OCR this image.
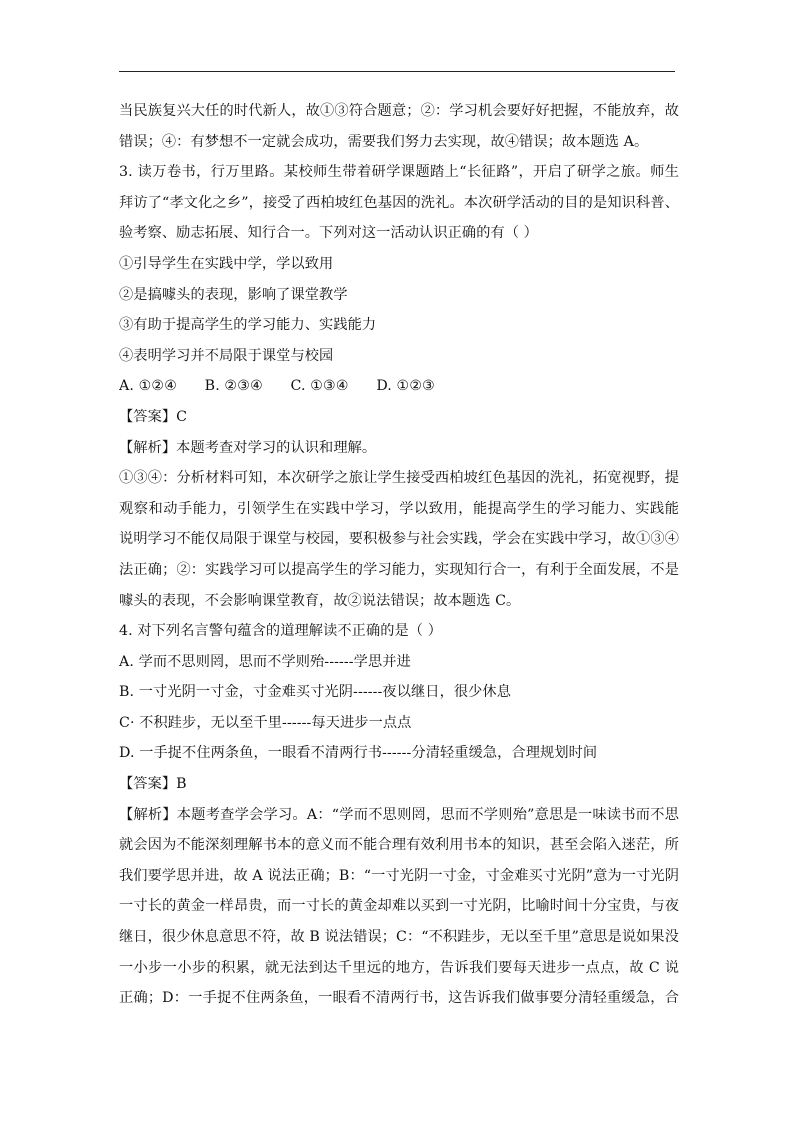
当民族复兴大任的时代新人，故①③符合题意；②：学习机会要好好把握，不能放弃，故
错误；④：有梦想不一定就会成功，需要我们努力去实现，故④错误；故本题选 A。
3. 读万卷书，行万里路。某校师生带着研学课题踏上“长征路”，开启了研学之旅。师生
拜访了“孝文化之乡”，接受了西柏坡红色基因的洗礼。本次研学活动的目的是知识科普、
验考察、励志拓展、知行合一。下列对这一活动认识正确的有（ ）
①引导学生在实践中学，学以致用
②是搞噱头的表现，影响了课堂教学
③有助于提高学生的学习能力、实践能力
④表明学习并不局限于课堂与校园
A. ①②④      B. ②③④      C. ①③④      D. ①②③
【答案】C
【解析】本题考查对学习的认识和理解。
①③④：分析材料可知，本次研学之旅让学生接受西柏坡红色基因的洗礼，拓宽视野，提
观察和动手能力，引领学生在实践中学习，学以致用，能提高学生的学习能力、实践能
说明学习不能仅局限于课堂与校园，要积极参与社会实践，学会在实践中学习，故①③④
法正确；②：实践学习可以提高学生的学习能力，实现知行合一，有利于全面发展，不是
噱头的表现，不会影响课堂教育，故②说法错误；故本题选 C。
4. 对下列名言警句蕴含的道理解读不正确的是（ ）
A. 学而不思则罔，思而不学则殆------学思并进
B. 一寸光阴一寸金，寸金难买寸光阴------夜以继日，很少休息
C· 不积跬步，无以至千里------每天进步一点点
D. 一手捉不住两条鱼，一眼看不清两行书------分清轻重缓急，合理规划时间
【答案】B
【解析】本题考查学会学习。A：“学而不思则罔，思而不学则殆”意思是一味读书而不思
就会因为不能深刻理解书本的意义而不能合理有效利用书本的知识，甚至会陷入迷茫，所
我们要学思并进，故 A 说法正确；B：“一寸光阴一寸金，寸金难买寸光阴”意为一寸光阴
一寸长的黄金一样昂贵，而一寸长的黄金却难以买到一寸光阴，比喻时间十分宝贵，与夜
继日，很少休息意思不符，故 B 说法错误；C：“不积跬步，无以至千里”意思是说如果没
一小步一小步的积累，就无法到达千里远的地方，告诉我们要每天进步一点点，故 C 说
正确；D：一手捉不住两条鱼，一眼看不清两行书，这告诉我们做事要分清轻重缓急，合
